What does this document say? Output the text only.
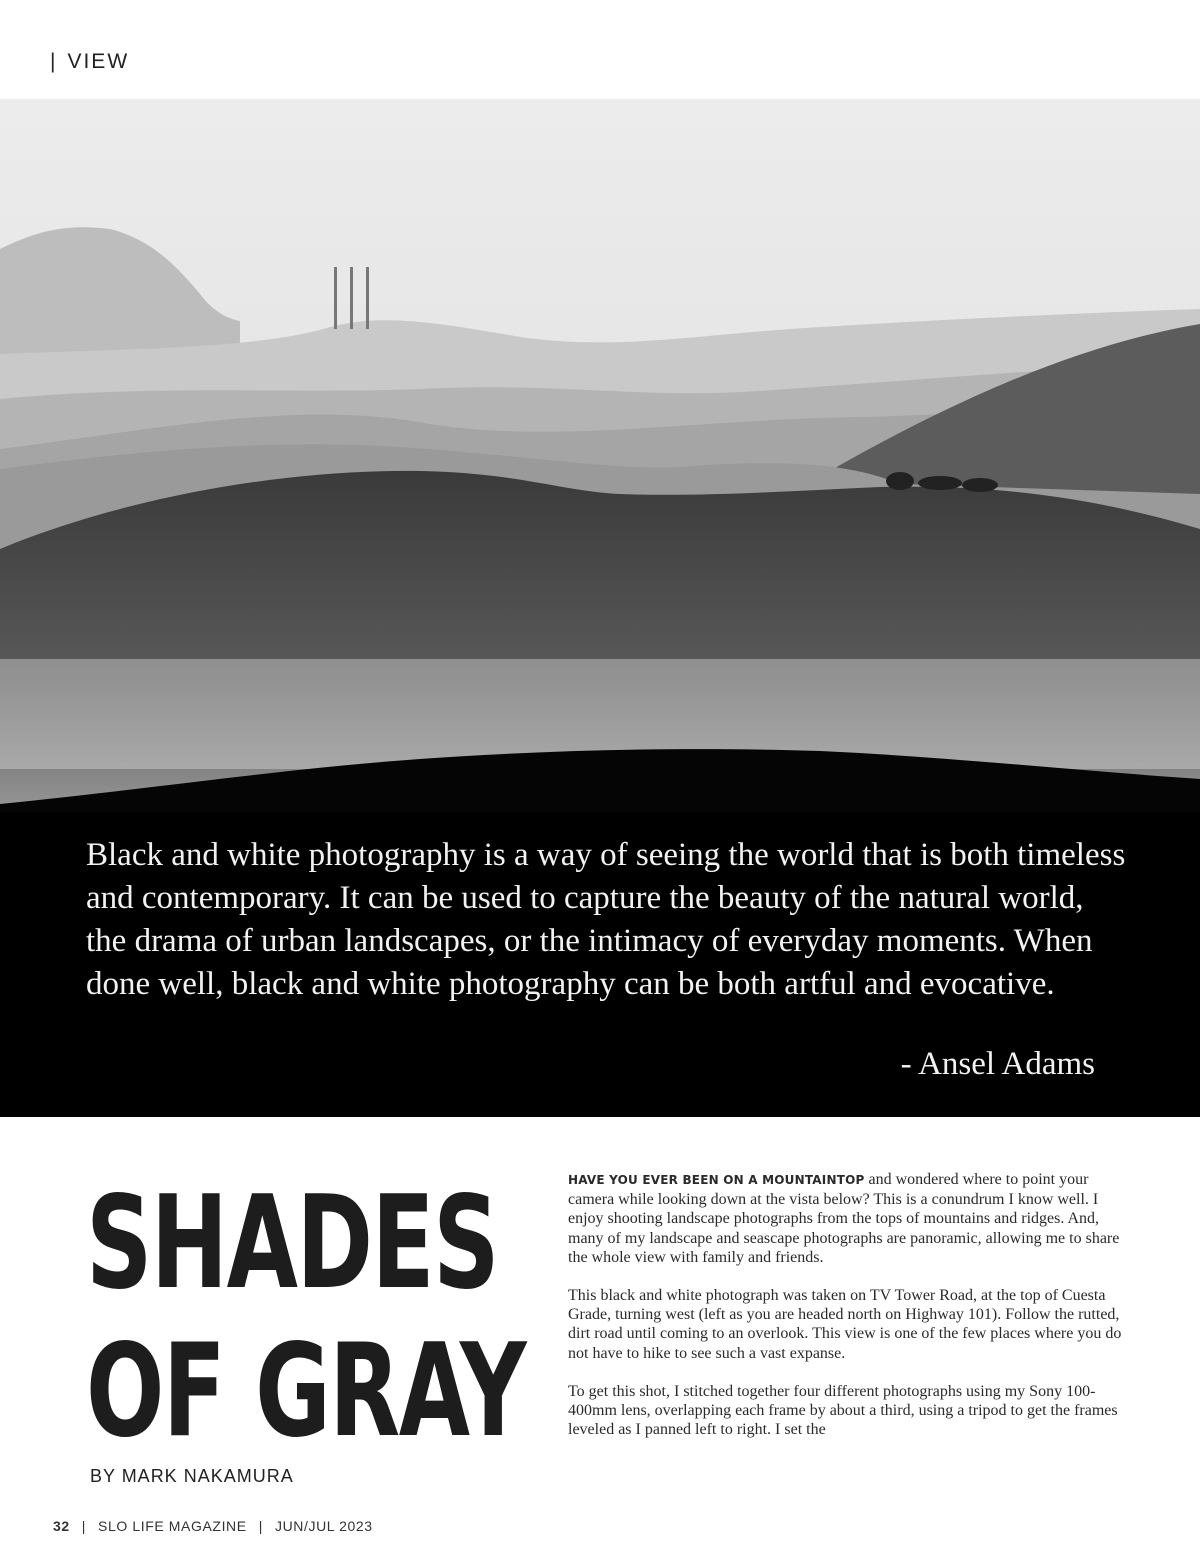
| VIEW

Black and white photography is a way of seeing the world that is both timeless and contemporary. It can be used to capture the beauty of the natural world, the drama of urban landscapes, or the intimacy of everyday moments. When done well, black and white photography can be both artful and evocative.

- Ansel Adams
SHADES
OF GRAY
BY MARK NAKAMURA

HAVE YOU EVER BEEN ON A MOUNTAINTOP and wondered where to point your camera while looking down at the vista below? This is a conundrum I know well. I enjoy shooting landscape photographs from the tops of mountains and ridges. And, many of my landscape and seascape photographs are panoramic, allowing me to share the whole view with family and friends.

This black and white photograph was taken on TV Tower Road, at the top of Cuesta Grade, turning west (left as you are headed north on Highway 101). Follow the rutted, dirt road until coming to an overlook. This view is one of the few places where you do not have to hike to see such a vast expanse.

To get this shot, I stitched together four different photographs using my Sony 100-400mm lens, overlapping each frame by about a third, using a tripod to get the frames leveled as I panned left to right. I set the

32 | SLO LIFE MAGAZINE | JUN/JUL 2023
